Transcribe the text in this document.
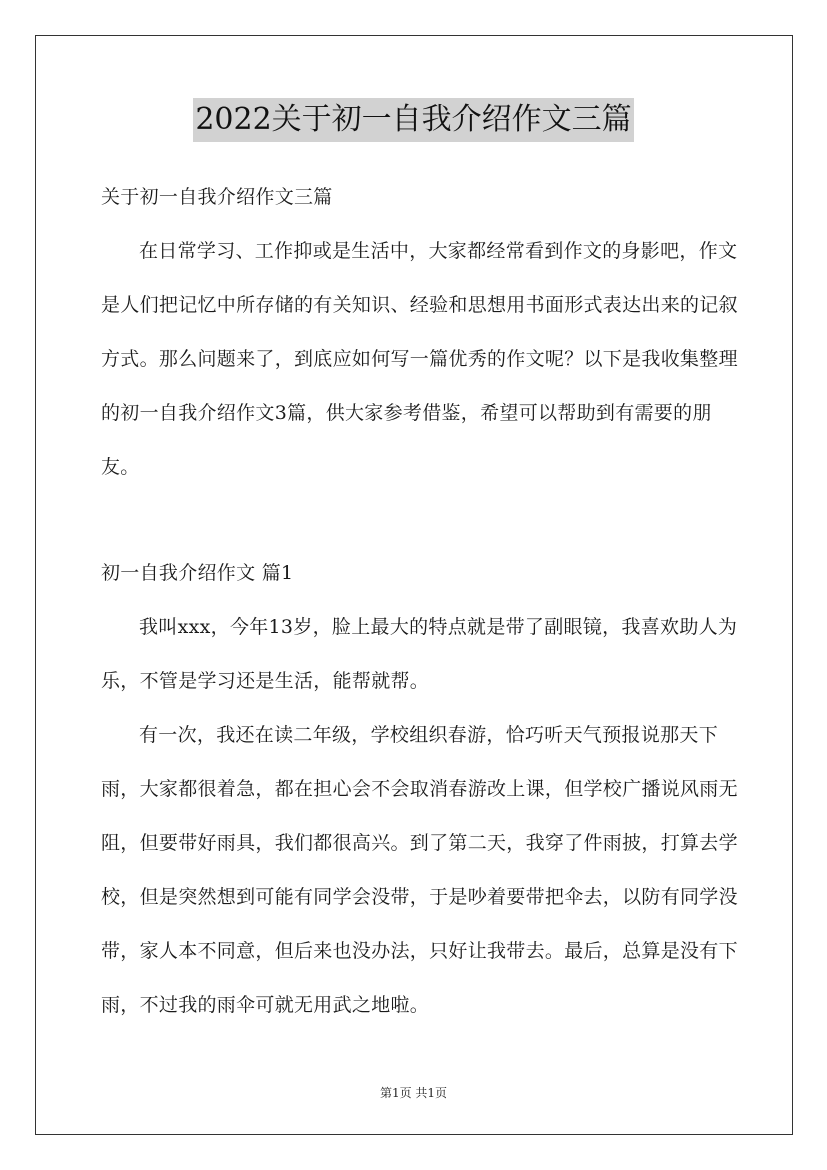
2022关于初一自我介绍作文三篇

关于初一自我介绍作文三篇

在日常学习、工作抑或是生活中，大家都经常看到作文的身影吧，作文是人们把记忆中所存储的有关知识、经验和思想用书面形式表达出来的记叙方式。那么问题来了，到底应如何写一篇优秀的作文呢？以下是我收集整理的初一自我介绍作文3篇，供大家参考借鉴，希望可以帮助到有需要的朋友。

初一自我介绍作文 篇1

我叫xxx，今年13岁，脸上最大的特点就是带了副眼镜，我喜欢助人为乐，不管是学习还是生活，能帮就帮。

有一次，我还在读二年级，学校组织春游，恰巧听天气预报说那天下雨，大家都很着急，都在担心会不会取消春游改上课，但学校广播说风雨无阻，但要带好雨具，我们都很高兴。到了第二天，我穿了件雨披，打算去学校，但是突然想到可能有同学会没带，于是吵着要带把伞去，以防有同学没带，家人本不同意，但后来也没办法，只好让我带去。最后，总算是没有下雨，不过我的雨伞可就无用武之地啦。

第1页 共1页
